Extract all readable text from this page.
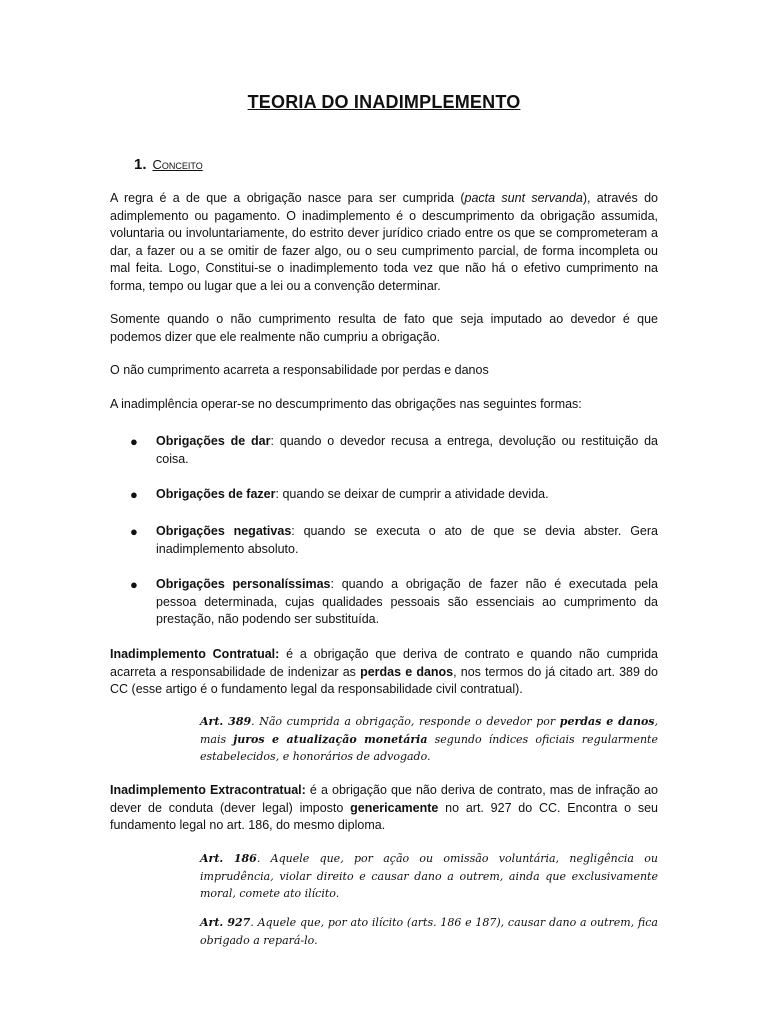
TEORIA DO INADIMPLEMENTO
1. Conceito

A regra é a de que a obrigação nasce para ser cumprida (pacta sunt servanda), através do adimplemento ou pagamento. O inadimplemento é o descumprimento da obrigação assumida, voluntaria ou involuntariamente, do estrito dever jurídico criado entre os que se comprometeram a dar, a fazer ou a se omitir de fazer algo, ou o seu cumprimento parcial, de forma incompleta ou mal feita. Logo, Constitui-se o inadimplemento toda vez que não há o efetivo cumprimento na forma, tempo ou lugar que a lei ou a convenção determinar.

Somente quando o não cumprimento resulta de fato que seja imputado ao devedor é que podemos dizer que ele realmente não cumpriu a obrigação.

O não cumprimento acarreta a responsabilidade por perdas e danos

A inadimplência operar-se no descumprimento das obrigações nas seguintes formas:

● Obrigações de dar: quando o devedor recusa a entrega, devolução ou restituição da coisa.
● Obrigações de fazer: quando se deixar de cumprir a atividade devida.
● Obrigações negativas: quando se executa o ato de que se devia abster. Gera inadimplemento absoluto.
● Obrigações personalíssimas: quando a obrigação de fazer não é executada pela pessoa determinada, cujas qualidades pessoais são essenciais ao cumprimento da prestação, não podendo ser substituída.

Inadimplemento Contratual: é a obrigação que deriva de contrato e quando não cumprida acarreta a responsabilidade de indenizar as perdas e danos, nos termos do já citado art. 389 do CC (esse artigo é o fundamento legal da responsabilidade civil contratual).

Art. 389. Não cumprida a obrigação, responde o devedor por perdas e danos, mais juros e atualização monetária segundo índices oficiais regularmente estabelecidos, e honorários de advogado.

Inadimplemento Extracontratual: é a obrigação que não deriva de contrato, mas de infração ao dever de conduta (dever legal) imposto genericamente no art. 927 do CC. Encontra o seu fundamento legal no art. 186, do mesmo diploma.

Art. 186. Aquele que, por ação ou omissão voluntária, negligência ou imprudência, violar direito e causar dano a outrem, ainda que exclusivamente moral, comete ato ilícito.
Art. 927. Aquele que, por ato ilícito (arts. 186 e 187), causar dano a outrem, fica obrigado a repará-lo.
